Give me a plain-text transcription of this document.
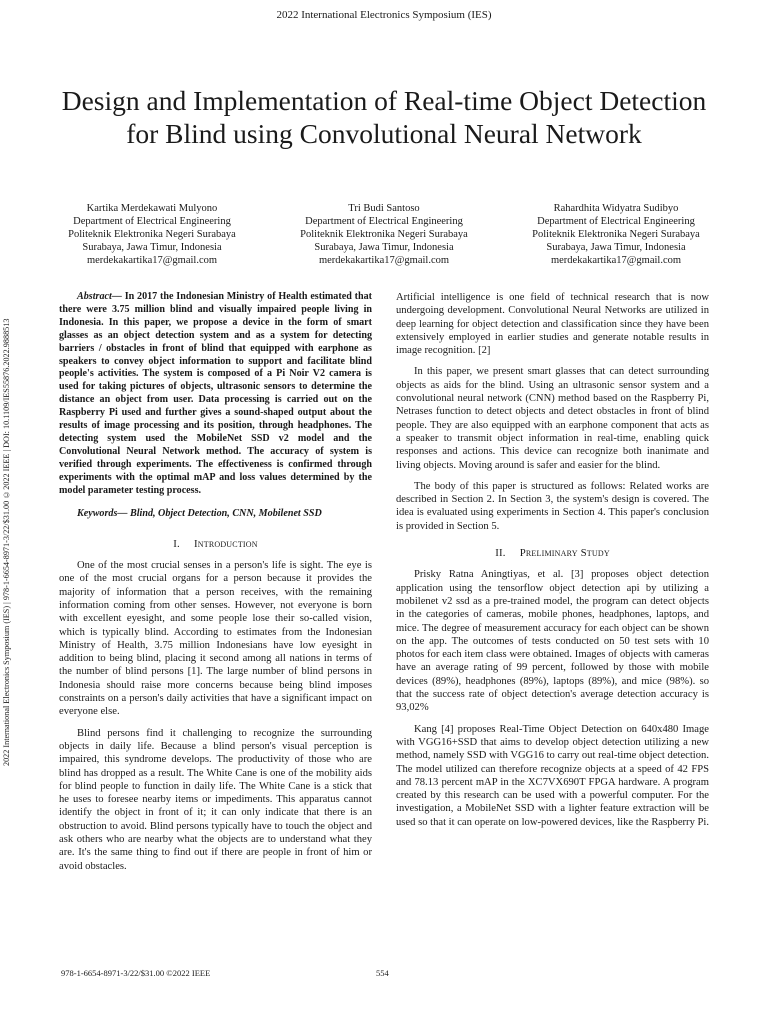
2022 International Electronics Symposium (IES)
Design and Implementation of Real-time Object Detection for Blind using Convolutional Neural Network
Kartika Merdekawati Mulyono
Department of Electrical Engineering
Politeknik Elektronika Negeri Surabaya
Surabaya, Jawa Timur, Indonesia
merdekakartika17@gmail.com
Tri Budi Santoso
Department of Electrical Engineering
Politeknik Elektronika Negeri Surabaya
Surabaya, Jawa Timur, Indonesia
merdekakartika17@gmail.com
Rahardhita Widyatra Sudibyo
Department of Electrical Engineering
Politeknik Elektronika Negeri Surabaya
Surabaya, Jawa Timur, Indonesia
merdekakartika17@gmail.com
2022 International Electronics Symposium (IES) | 978-1-6654-8971-3/22/$31.00 ©2022 IEEE | DOI: 10.1109/IES55876.2022.9888513

Abstract— In 2017 the Indonesian Ministry of Health estimated that there were 3.75 million blind and visually impaired people living in Indonesia. In this paper, we propose a device in the form of smart glasses as an object detection system and as a system for detecting barriers / obstacles in front of blind that equipped with earphone as speakers to convey object information to support and facilitate blind people's activities. The system is composed of a Pi Noir V2 camera is used for taking pictures of objects, ultrasonic sensors to determine the distance an object from user. Data processing is carried out on the Raspberry Pi used and further gives a sound-shaped output about the results of image processing and its position, through headphones. The detecting system used the MobileNet SSD v2 model and the Convolutional Neural Network method. The accuracy of system is verified through experiments. The effectiveness is confirmed through experiments with the optimal mAP and loss values determined by the model parameter testing process.

Keywords— Blind, Object Detection, CNN, Mobilenet SSD

I. Introduction

One of the most crucial senses in a person's life is sight. The eye is one of the most crucial organs for a person because it provides the majority of information that a person receives, with the remaining information coming from other senses. However, not everyone is born with excellent eyesight, and some people lose their so-called vision, which is typically blind. According to estimates from the Indonesian Ministry of Health, 3.75 million Indonesians have low eyesight in addition to being blind, placing it second among all nations in terms of the number of blind persons [1]. The large number of blind persons in Indonesia should raise more concerns because being blind imposes constraints on a person's daily activities that have a significant impact on everyone else.

Blind persons find it challenging to recognize the surrounding objects in daily life. Because a blind person's visual perception is impaired, this syndrome develops. The productivity of those who are blind has dropped as a result. The White Cane is one of the mobility aids for blind people to function in daily life. The White Cane is a stick that he uses to foresee nearby items or impediments. This apparatus cannot identify the object in front of it; it can only indicate that there is an obstruction to avoid. Blind persons typically have to touch the object and ask others who are nearby what the objects are to understand what they are. It's the same thing to find out if there are people in front of him or avoid obstacles.

Artificial intelligence is one field of technical research that is now undergoing development. Convolutional Neural Networks are utilized in deep learning for object detection and classification since they have been extensively employed in earlier studies and generate notable results in image recognition. [2]

In this paper, we present smart glasses that can detect surrounding objects as aids for the blind. Using an ultrasonic sensor system and a convolutional neural network (CNN) method based on the Raspberry Pi, Netrases function to detect objects and detect obstacles in front of blind people. They are also equipped with an earphone component that acts as a speaker to transmit object information in real-time, enabling quick responses and actions. This device can recognize both inanimate and living objects. Moving around is safer and easier for the blind.

The body of this paper is structured as follows: Related works are described in Section 2. In Section 3, the system's design is covered. The idea is evaluated using experiments in Section 4. This paper's conclusion is provided in Section 5.

II. Preliminary Study

Prisky Ratna Aningtiyas, et al. [3] proposes object detection application using the tensorflow object detection api by utilizing a mobilenet v2 ssd as a pre-trained model, the program can detect objects in the categories of cameras, mobile phones, headphones, laptops, and mice. The degree of measurement accuracy for each object can be shown on the app. The outcomes of tests conducted on 50 test sets with 10 photos for each item class were obtained. Images of objects with cameras have an average rating of 99 percent, followed by those with mobile devices (89%), headphones (89%), laptops (89%), and mice (98%). so that the success rate of object detection's average detection accuracy is 93,02%

Kang [4] proposes Real-Time Object Detection on 640x480 Image with VGG16+SSD that aims to develop object detection utilizing a new method, namely SSD with VGG16 to carry out real-time object detection. The model utilized can therefore recognize objects at a speed of 42 FPS and 78.13 percent mAP in the XC7VX690T FPGA hardware. A program created by this research can be used with a powerful computer. For the investigation, a MobileNet SSD with a lighter feature extraction will be used so that it can operate on low-powered devices, like the Raspberry Pi.

978-1-6654-8971-3/22/$31.00 ©2022 IEEE	554
